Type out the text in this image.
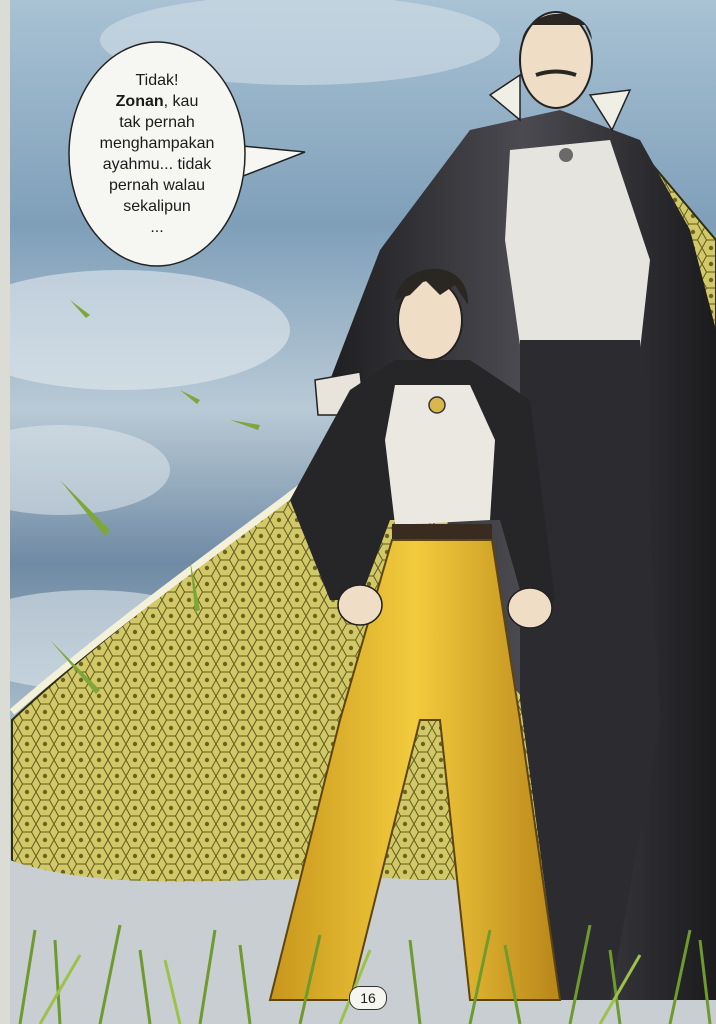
Tidak!
Zonan, kau
tak pernah
menghampakan
ayahmu... tidak
pernah walau
sekalipun
...
16
